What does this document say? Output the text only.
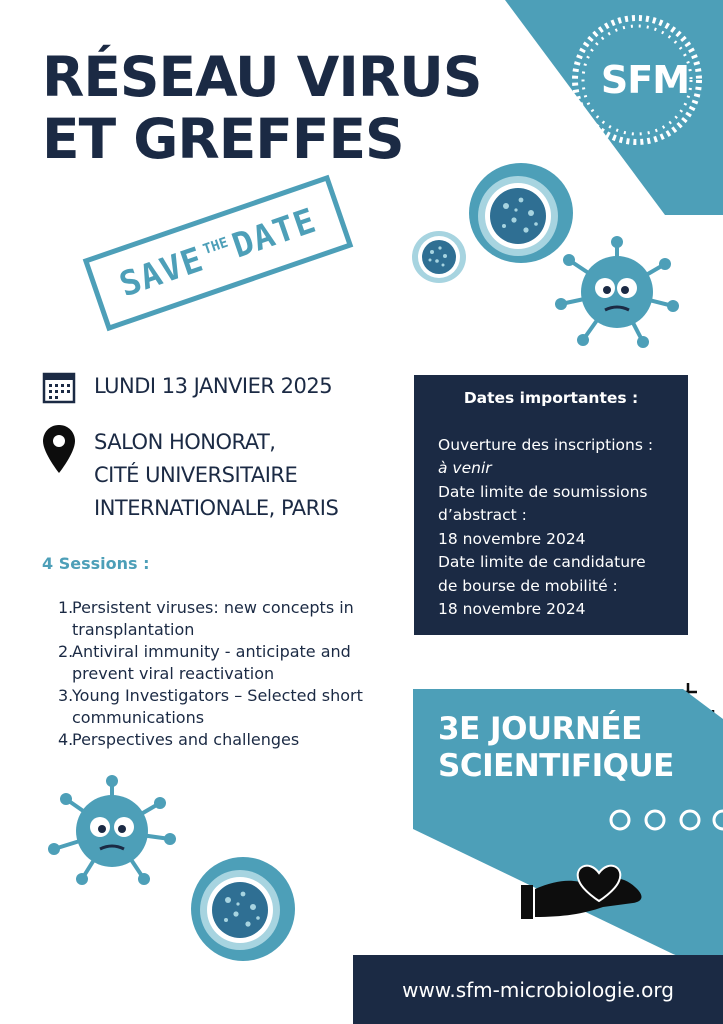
SFM
RÉSEAU VIRUS
ET GREFFES
SAVE
THE
DATE
LUNDI 13 JANVIER 2025
SALON HONORAT,
CITÉ UNIVERSITAIRE
INTERNATIONALE, PARIS
4 Sessions :
1.
Persistent viruses: new concepts in transplantation
2.
Antiviral immunity - anticipate and prevent viral reactivation
3.
Young Investigators – Selected short communications
4.
Perspectives and challenges
Dates importantes :
Ouverture des inscriptions :
à venir
Date limite de soumissions
d’abstract :
18 novembre 2024
Date limite de candidature
de bourse de mobilité :
18 novembre 2024
3E JOURNÉE
SCIENTIFIQUE
www.sfm-microbiologie.org
